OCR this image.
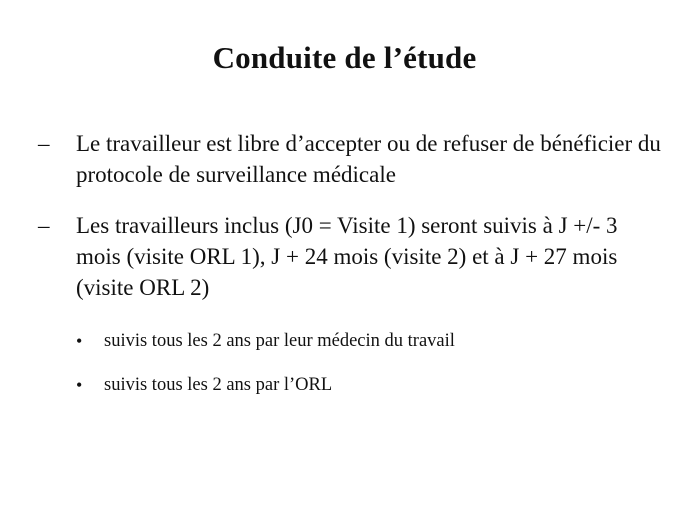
Conduite de l’étude
– Le travailleur est libre d’accepter ou de refuser de bénéficier du protocole de surveillance médicale
– Les travailleurs inclus (J0 = Visite 1) seront suivis à J +/- 3 mois (visite ORL 1), J + 24 mois (visite 2) et à J + 27 mois (visite ORL 2)
• suivis tous les 2 ans par leur médecin du travail
• suivis tous les 2 ans par l’ORL
